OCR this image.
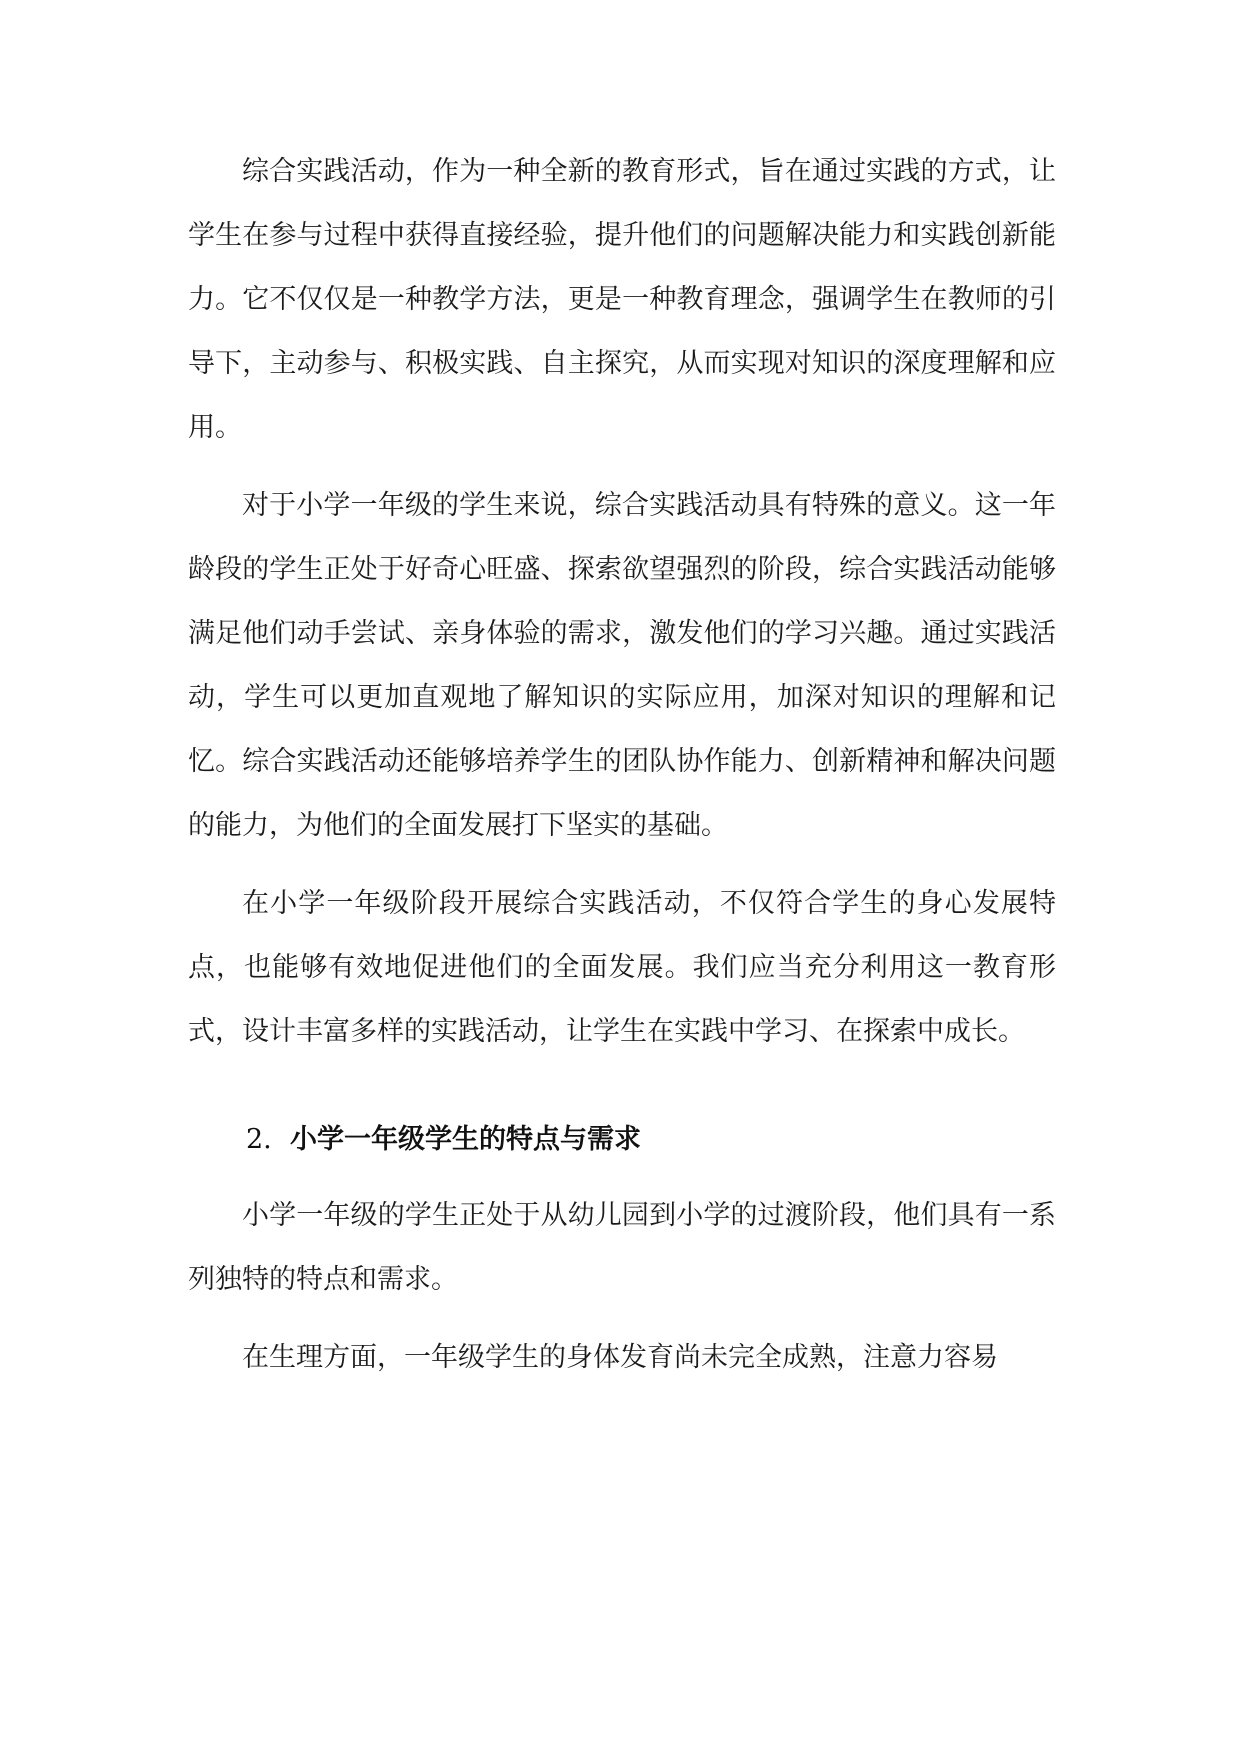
综合实践活动，作为一种全新的教育形式，旨在通过实践的方式，让学生在参与过程中获得直接经验，提升他们的问题解决能力和实践创新能力。它不仅仅是一种教学方法，更是一种教育理念，强调学生在教师的引导下，主动参与、积极实践、自主探究，从而实现对知识的深度理解和应用。

对于小学一年级的学生来说，综合实践活动具有特殊的意义。这一年龄段的学生正处于好奇心旺盛、探索欲望强烈的阶段，综合实践活动能够满足他们动手尝试、亲身体验的需求，激发他们的学习兴趣。通过实践活动，学生可以更加直观地了解知识的实际应用，加深对知识的理解和记忆。综合实践活动还能够培养学生的团队协作能力、创新精神和解决问题的能力，为他们的全面发展打下坚实的基础。

在小学一年级阶段开展综合实践活动，不仅符合学生的身心发展特点，也能够有效地促进他们的全面发展。我们应当充分利用这一教育形式，设计丰富多样的实践活动，让学生在实践中学习、在探索中成长。

2. 小学一年级学生的特点与需求

小学一年级的学生正处于从幼儿园到小学的过渡阶段，他们具有一系列独特的特点和需求。

在生理方面，一年级学生的身体发育尚未完全成熟，注意力容易
